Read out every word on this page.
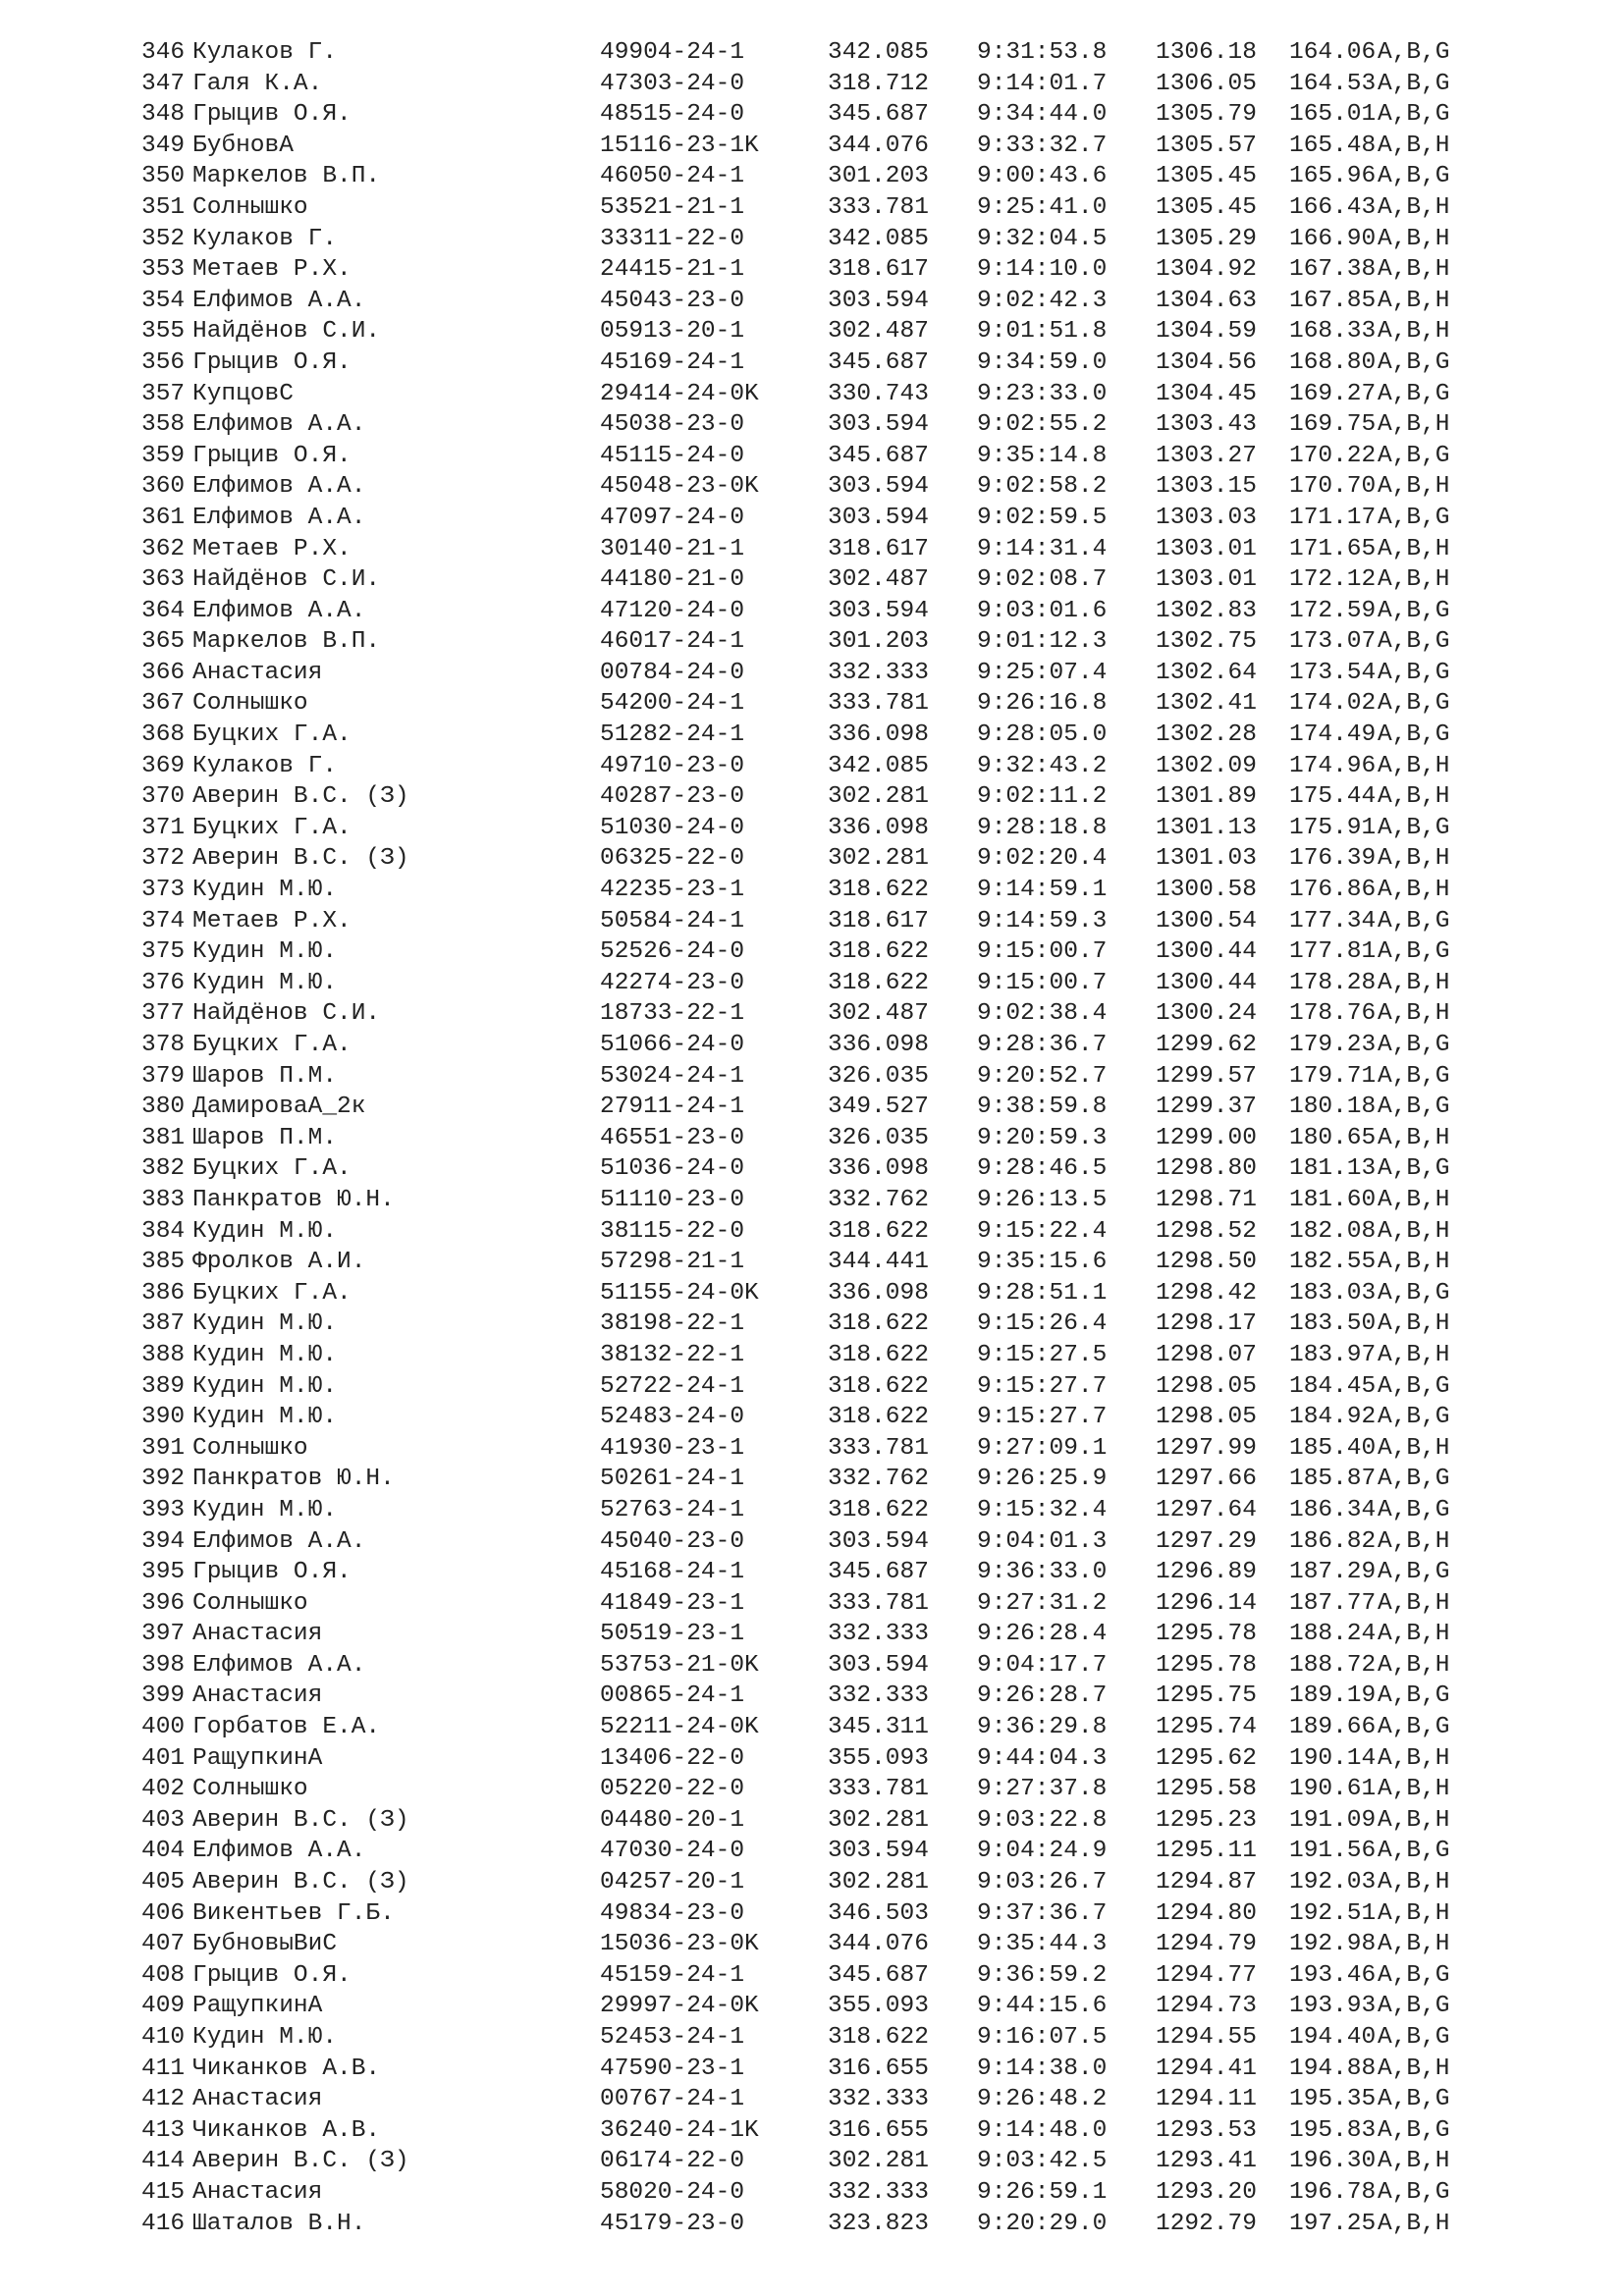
346 Кулаков Г.	49904-24-1	342.085 9:31:53.8 1306.18 164.06A,B,G
347 Галя К.А.	47303-24-0	318.712 9:14:01.7 1306.05 164.53A,B,G
348 Грыцив О.Я.	48515-24-0	345.687 9:34:44.0 1305.79 165.01A,B,G
349 БубновА	15116-23-1K	344.076 9:33:32.7 1305.57 165.48A,B,H
350 Маркелов В.П.	46050-24-1	301.203 9:00:43.6 1305.45 165.96A,B,G
351 Солнышко	53521-21-1	333.781 9:25:41.0 1305.45 166.43A,B,H
352 Кулаков Г.	33311-22-0	342.085 9:32:04.5 1305.29 166.90A,B,H
353 Метаев Р.Х.	24415-21-1	318.617 9:14:10.0 1304.92 167.38A,B,H
354 Елфимов А.А.	45043-23-0	303.594 9:02:42.3 1304.63 167.85A,B,H
355 Найдёнов С.И.	05913-20-1	302.487 9:01:51.8 1304.59 168.33A,B,H
356 Грыцив О.Я.	45169-24-1	345.687 9:34:59.0 1304.56 168.80A,B,G
357 КупцовС	29414-24-0K	330.743 9:23:33.0 1304.45 169.27A,B,G
358 Елфимов А.А.	45038-23-0	303.594 9:02:55.2 1303.43 169.75A,B,H
359 Грыцив О.Я.	45115-24-0	345.687 9:35:14.8 1303.27 170.22A,B,G
360 Елфимов А.А.	45048-23-0K	303.594 9:02:58.2 1303.15 170.70A,B,H
361 Елфимов А.А.	47097-24-0	303.594 9:02:59.5 1303.03 171.17A,B,G
362 Метаев Р.Х.	30140-21-1	318.617 9:14:31.4 1303.01 171.65A,B,H
363 Найдёнов С.И.	44180-21-0	302.487 9:02:08.7 1303.01 172.12A,B,H
364 Елфимов А.А.	47120-24-0	303.594 9:03:01.6 1302.83 172.59A,B,G
365 Маркелов В.П.	46017-24-1	301.203 9:01:12.3 1302.75 173.07A,B,G
366 Анастасия	00784-24-0	332.333 9:25:07.4 1302.64 173.54A,B,G
367 Солнышко	54200-24-1	333.781 9:26:16.8 1302.41 174.02A,B,G
368 Буцких Г.А.	51282-24-1	336.098 9:28:05.0 1302.28 174.49A,B,G
369 Кулаков Г.	49710-23-0	342.085 9:32:43.2 1302.09 174.96A,B,H
370 Аверин В.С. (З)	40287-23-0	302.281 9:02:11.2 1301.89 175.44A,B,H
371 Буцких Г.А.	51030-24-0	336.098 9:28:18.8 1301.13 175.91A,B,G
372 Аверин В.С. (З)	06325-22-0	302.281 9:02:20.4 1301.03 176.39A,B,H
373 Кудин М.Ю.	42235-23-1	318.622 9:14:59.1 1300.58 176.86A,B,H
374 Метаев Р.Х.	50584-24-1	318.617 9:14:59.3 1300.54 177.34A,B,G
375 Кудин М.Ю.	52526-24-0	318.622 9:15:00.7 1300.44 177.81A,B,G
376 Кудин М.Ю.	42274-23-0	318.622 9:15:00.7 1300.44 178.28A,B,H
377 Найдёнов С.И.	18733-22-1	302.487 9:02:38.4 1300.24 178.76A,B,H
378 Буцких Г.А.	51066-24-0	336.098 9:28:36.7 1299.62 179.23A,B,G
379 Шаров П.М.	53024-24-1	326.035 9:20:52.7 1299.57 179.71A,B,G
380 ДамироваА_2к	27911-24-1	349.527 9:38:59.8 1299.37 180.18A,B,G
381 Шаров П.М.	46551-23-0	326.035 9:20:59.3 1299.00 180.65A,B,H
382 Буцких Г.А.	51036-24-0	336.098 9:28:46.5 1298.80 181.13A,B,G
383 Панкратов Ю.Н.	51110-23-0	332.762 9:26:13.5 1298.71 181.60A,B,H
384 Кудин М.Ю.	38115-22-0	318.622 9:15:22.4 1298.52 182.08A,B,H
385 Фролков А.И.	57298-21-1	344.441 9:35:15.6 1298.50 182.55A,B,H
386 Буцких Г.А.	51155-24-0K	336.098 9:28:51.1 1298.42 183.03A,B,G
387 Кудин М.Ю.	38198-22-1	318.622 9:15:26.4 1298.17 183.50A,B,H
388 Кудин М.Ю.	38132-22-1	318.622 9:15:27.5 1298.07 183.97A,B,H
389 Кудин М.Ю.	52722-24-1	318.622 9:15:27.7 1298.05 184.45A,B,G
390 Кудин М.Ю.	52483-24-0	318.622 9:15:27.7 1298.05 184.92A,B,G
391 Солнышко	41930-23-1	333.781 9:27:09.1 1297.99 185.40A,B,H
392 Панкратов Ю.Н.	50261-24-1	332.762 9:26:25.9 1297.66 185.87A,B,G
393 Кудин М.Ю.	52763-24-1	318.622 9:15:32.4 1297.64 186.34A,B,G
394 Елфимов А.А.	45040-23-0	303.594 9:04:01.3 1297.29 186.82A,B,H
395 Грыцив О.Я.	45168-24-1	345.687 9:36:33.0 1296.89 187.29A,B,G
396 Солнышко	41849-23-1	333.781 9:27:31.2 1296.14 187.77A,B,H
397 Анастасия	50519-23-1	332.333 9:26:28.4 1295.78 188.24A,B,H
398 Елфимов А.А.	53753-21-0K	303.594 9:04:17.7 1295.78 188.72A,B,H
399 Анастасия	00865-24-1	332.333 9:26:28.7 1295.75 189.19A,B,G
400 Горбатов Е.А.	52211-24-0K	345.311 9:36:29.8 1295.74 189.66A,B,G
401 РащупкинА	13406-22-0	355.093 9:44:04.3 1295.62 190.14A,B,H
402 Солнышко	05220-22-0	333.781 9:27:37.8 1295.58 190.61A,B,H
403 Аверин В.С. (З)	04480-20-1	302.281 9:03:22.8 1295.23 191.09A,B,H
404 Елфимов А.А.	47030-24-0	303.594 9:04:24.9 1295.11 191.56A,B,G
405 Аверин В.С. (З)	04257-20-1	302.281 9:03:26.7 1294.87 192.03A,B,H
406 Викентьев Г.Б.	49834-23-0	346.503 9:37:36.7 1294.80 192.51A,B,H
407 БубновыВиС	15036-23-0K	344.076 9:35:44.3 1294.79 192.98A,B,H
408 Грыцив О.Я.	45159-24-1	345.687 9:36:59.2 1294.77 193.46A,B,G
409 РащупкинА	29997-24-0K	355.093 9:44:15.6 1294.73 193.93A,B,G
410 Кудин М.Ю.	52453-24-1	318.622 9:16:07.5 1294.55 194.40A,B,G
411 Чиканков А.В.	47590-23-1	316.655 9:14:38.0 1294.41 194.88A,B,H
412 Анастасия	00767-24-1	332.333 9:26:48.2 1294.11 195.35A,B,G
413 Чиканков А.В.	36240-24-1K	316.655 9:14:48.0 1293.53 195.83A,B,G
414 Аверин В.С. (З)	06174-22-0	302.281 9:03:42.5 1293.41 196.30A,B,H
415 Анастасия	58020-24-0	332.333 9:26:59.1 1293.20 196.78A,B,G
416 Шаталов В.Н.	45179-23-0	323.823 9:20:29.0 1292.79 197.25A,B,H
